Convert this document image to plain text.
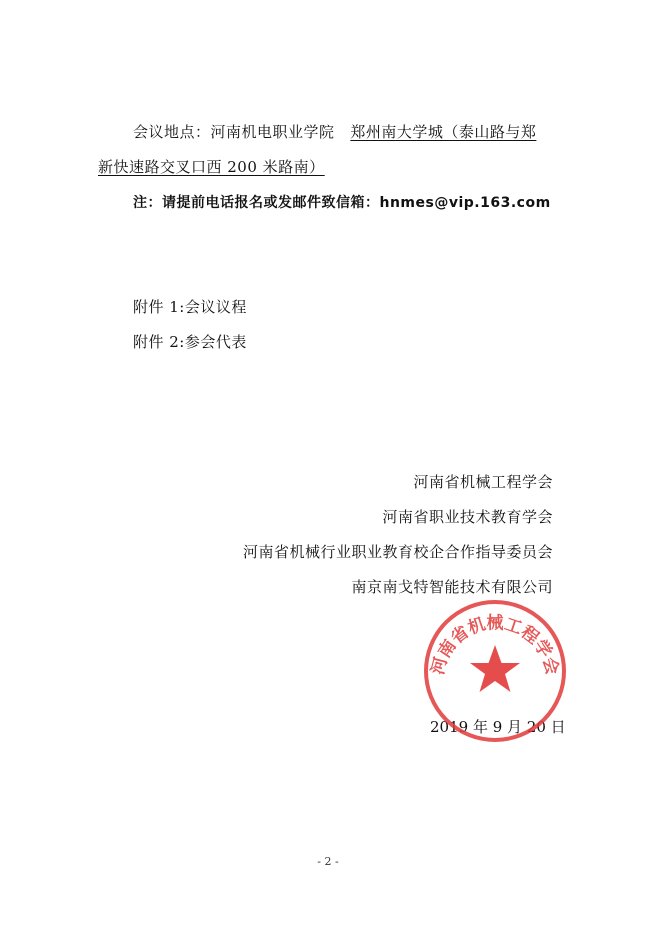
会议地点：河南机电职业学院 郑州南大学城（泰山路与郑
新快速路交叉口西 200 米路南）
注：请提前电话报名或发邮件致信箱：hnmes@vip.163.com
附件 1:会议议程
附件 2:参会代表
河南省机械工程学会
河南省职业技术教育学会
河南省机械行业职业教育校企合作指导委员会
南京南戈特智能技术有限公司
2019 年 9 月 20 日
河南省机械工程学会
- 2 -
